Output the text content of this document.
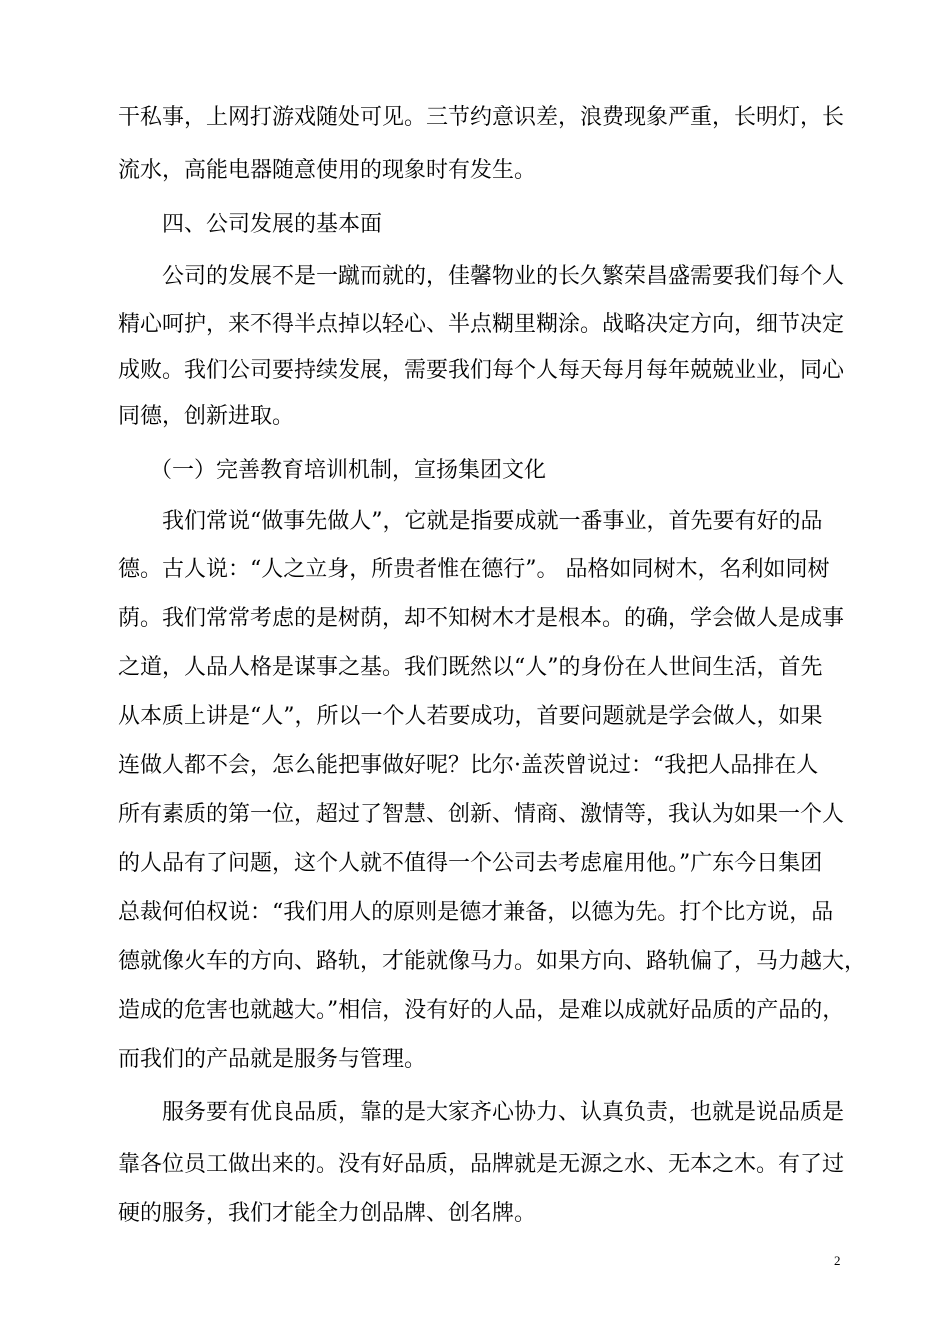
干私事，上网打游戏随处可见。三节约意识差，浪费现象严重，长明灯，长
流水，高能电器随意使用的现象时有发生。
四、公司发展的基本面
公司的发展不是一蹴而就的，佳馨物业的长久繁荣昌盛需要我们每个人
精心呵护，来不得半点掉以轻心、半点糊里糊涂。战略决定方向，细节决定
成败。我们公司要持续发展，需要我们每个人每天每月每年兢兢业业，同心
同德，创新进取。
（一）完善教育培训机制，宣扬集团文化
我们常说“做事先做人”，它就是指要成就一番事业，首先要有好的品
德。古人说：“人之立身，所贵者惟在德行”。 品格如同树木，名利如同树
荫。我们常常考虑的是树荫，却不知树木才是根本。的确，学会做人是成事
之道，人品人格是谋事之基。我们既然以“人”的身份在人世间生活，首先
从本质上讲是“人”，所以一个人若要成功，首要问题就是学会做人，如果
连做人都不会，怎么能把事做好呢？比尔·盖茨曾说过：“我把人品排在人
所有素质的第一位，超过了智慧、创新、情商、激情等，我认为如果一个人
的人品有了问题，这个人就不值得一个公司去考虑雇用他。”广东今日集团
总裁何伯权说：“我们用人的原则是德才兼备，以德为先。打个比方说，品
德就像火车的方向、路轨，才能就像马力。如果方向、路轨偏了，马力越大，
造成的危害也就越大。”相信，没有好的人品，是难以成就好品质的产品的，
而我们的产品就是服务与管理。
服务要有优良品质，靠的是大家齐心协力、认真负责，也就是说品质是
靠各位员工做出来的。没有好品质，品牌就是无源之水、无本之木。有了过
硬的服务，我们才能全力创品牌、创名牌。
2
